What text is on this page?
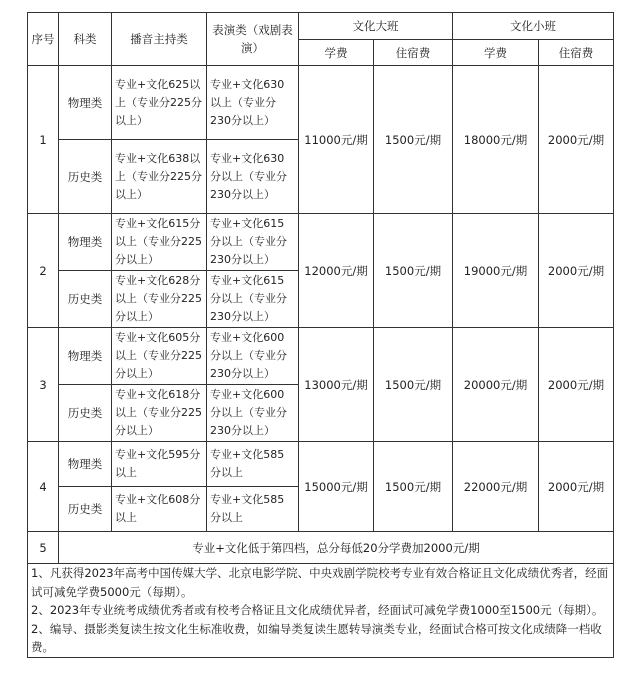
序号	科类	播音主持类	表演类（戏剧表演）	文化大班		文化小班	
				学费	住宿费	学费	住宿费
1	物理类	专业+文化625以上（专业分225分以上）	专业+文化630以上（专业分230分以上）	11000元/期	1500元/期	18000元/期	2000元/期
	历史类	专业+文化638以上（专业分225分以上）	专业+文化630分以上（专业分230分以上）				
2	物理类	专业+文化615分以上（专业分225分以上）	专业+文化615分以上（专业分230分以上）	12000元/期	1500元/期	19000元/期	2000元/期
	历史类	专业+文化628分以上（专业分225分以上）	专业+文化615分以上（专业分230分以上）				
3	物理类	专业+文化605分以上（专业分225分以上）	专业+文化600分以上（专业分230分以上）	13000元/期	1500元/期	20000元/期	2000元/期
	历史类	专业+文化618分以上（专业分225分以上）	专业+文化600分以上（专业分230分以上）				
4	物理类	专业+文化595分以上	专业+文化585分以上	15000元/期	1500元/期	22000元/期	2000元/期
	历史类	专业+文化608分以上	专业+文化585分以上				
5	专业+文化低于第四档，总分每低20分学费加2000元/期						

1、凡获得2023年高考中国传媒大学、北京电影学院、中央戏剧学院校考专业有效合格证且文化成绩优秀者，经面试可减免学费5000元（每期）。
2、2023年专业统考成绩优秀者或有校考合格证且文化成绩优异者，经面试可减免学费1000至1500元（每期）。
2、编导、摄影类复读生按文化生标准收费，如编导类复读生愿转导演类专业，经面试合格可按文化成绩降一档收费。							
